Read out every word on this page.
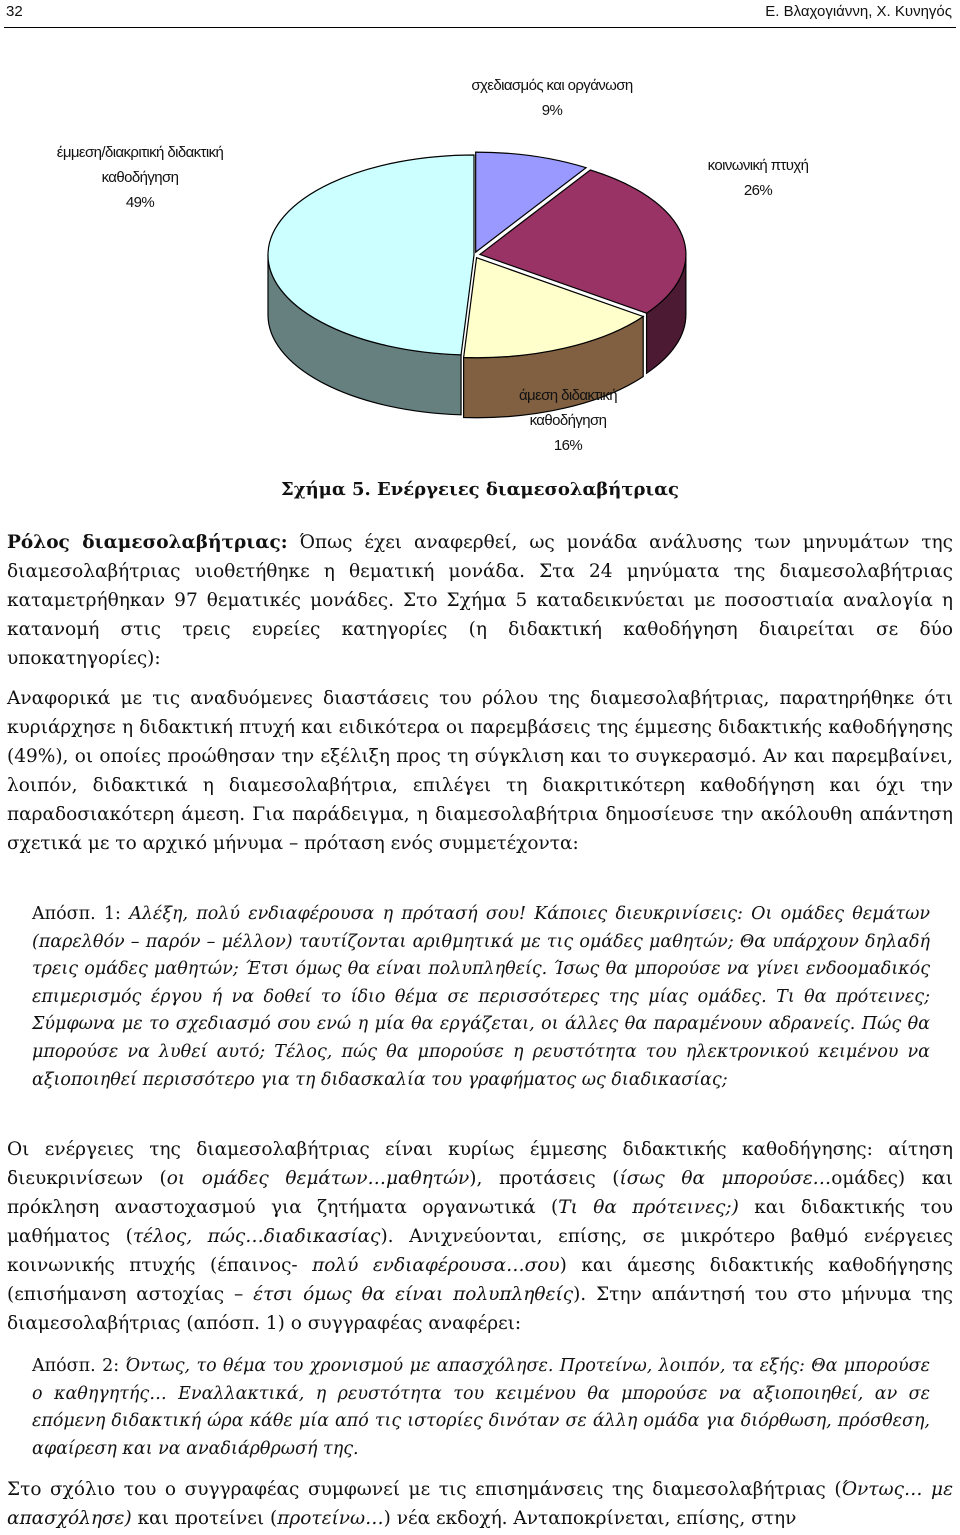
32	Ε. Βλαχογιάννη, Χ. Κυνηγός
σχεδιασμός και οργάνωση 9%
κοινωνική πτυχή 26%
άμεση διδακτική καθοδήγηση 16%
έμμεση/διακριτική διδακτική καθοδήγηση 49%
Σχήμα 5. Ενέργειες διαμεσολαβήτριας

Ρόλος διαμεσολαβήτριας: Όπως έχει αναφερθεί, ως μονάδα ανάλυσης των μηνυμάτων της διαμεσολαβήτριας υιοθετήθηκε η θεματική μονάδα. Στα 24 μηνύματα της διαμεσολαβήτριας καταμετρήθηκαν 97 θεματικές μονάδες. Στο Σχήμα 5 καταδεικνύεται με ποσοστιαία αναλογία η κατανομή στις τρεις ευρείες κατηγορίες (η διδακτική καθοδήγηση διαιρείται σε δύο υποκατηγορίες):

Αναφορικά με τις αναδυόμενες διαστάσεις του ρόλου της διαμεσολαβήτριας, παρατηρήθηκε ότι κυριάρχησε η διδακτική πτυχή και ειδικότερα οι παρεμβάσεις της έμμεσης διδακτικής καθοδήγησης (49%), οι οποίες προώθησαν την εξέλιξη προς τη σύγκλιση και το συγκερασμό. Αν και παρεμβαίνει, λοιπόν, διδακτικά η διαμεσολαβήτρια, επιλέγει τη διακριτικότερη καθοδήγηση και όχι την παραδοσιακότερη άμεση. Για παράδειγμα, η διαμεσολαβήτρια δημοσίευσε την ακόλουθη απάντηση σχετικά με το αρχικό μήνυμα – πρόταση ενός συμμετέχοντα:

Απόσπ. 1: Αλέξη, πολύ ενδιαφέρουσα η πρότασή σου! Κάποιες διευκρινίσεις: Οι ομάδες θεμάτων (παρελθόν – παρόν – μέλλον) ταυτίζονται αριθμητικά με τις ομάδες μαθητών; Θα υπάρχουν δηλαδή τρεις ομάδες μαθητών; Έτσι όμως θα είναι πολυπληθείς. Ίσως θα μπορούσε να γίνει ενδοομαδικός επιμερισμός έργου ή να δοθεί το ίδιο θέμα σε περισσότερες της μίας ομάδες. Τι θα πρότεινες; Σύμφωνα με το σχεδιασμό σου ενώ η μία θα εργάζεται, οι άλλες θα παραμένουν αδρανείς. Πώς θα μπορούσε να λυθεί αυτό; Τέλος, πώς θα μπορούσε η ρευστότητα του ηλεκτρονικού κειμένου να αξιοποιηθεί περισσότερο για τη διδασκαλία του γραφήματος ως διαδικασίας;

Οι ενέργειες της διαμεσολαβήτριας είναι κυρίως έμμεσης διδακτικής καθοδήγησης: αίτηση διευκρινίσεων (οι ομάδες θεμάτων…μαθητών), προτάσεις (ίσως θα μπορούσε…ομάδες) και πρόκληση αναστοχασμού για ζητήματα οργανωτικά (Τι θα πρότεινες;) και διδακτικής του μαθήματος (τέλος, πώς…διαδικασίας). Ανιχνεύονται, επίσης, σε μικρότερο βαθμό ενέργειες κοινωνικής πτυχής (έπαινος- πολύ ενδιαφέρουσα…σου) και άμεσης διδακτικής καθοδήγησης (επισήμανση αστοχίας – έτσι όμως θα είναι πολυπληθείς). Στην απάντησή του στο μήνυμα της διαμεσολαβήτριας (απόσπ. 1) ο συγγραφέας αναφέρει:

Απόσπ. 2: Όντως, το θέμα του χρονισμού με απασχόλησε. Προτείνω, λοιπόν, τα εξής: Θα μπορούσε ο καθηγητής… Εναλλακτικά, η ρευστότητα του κειμένου θα μπορούσε να αξιοποιηθεί, αν σε επόμενη διδακτική ώρα κάθε μία από τις ιστορίες δινόταν σε άλλη ομάδα για διόρθωση, πρόσθεση, αφαίρεση και να αναδιάρθρωσή της.

Στο σχόλιο του ο συγγραφέας συμφωνεί με τις επισημάνσεις της διαμεσολαβήτριας (Όντως… με απασχόλησε) και προτείνει (προτείνω…) νέα εκδοχή. Ανταποκρίνεται, επίσης, στην
